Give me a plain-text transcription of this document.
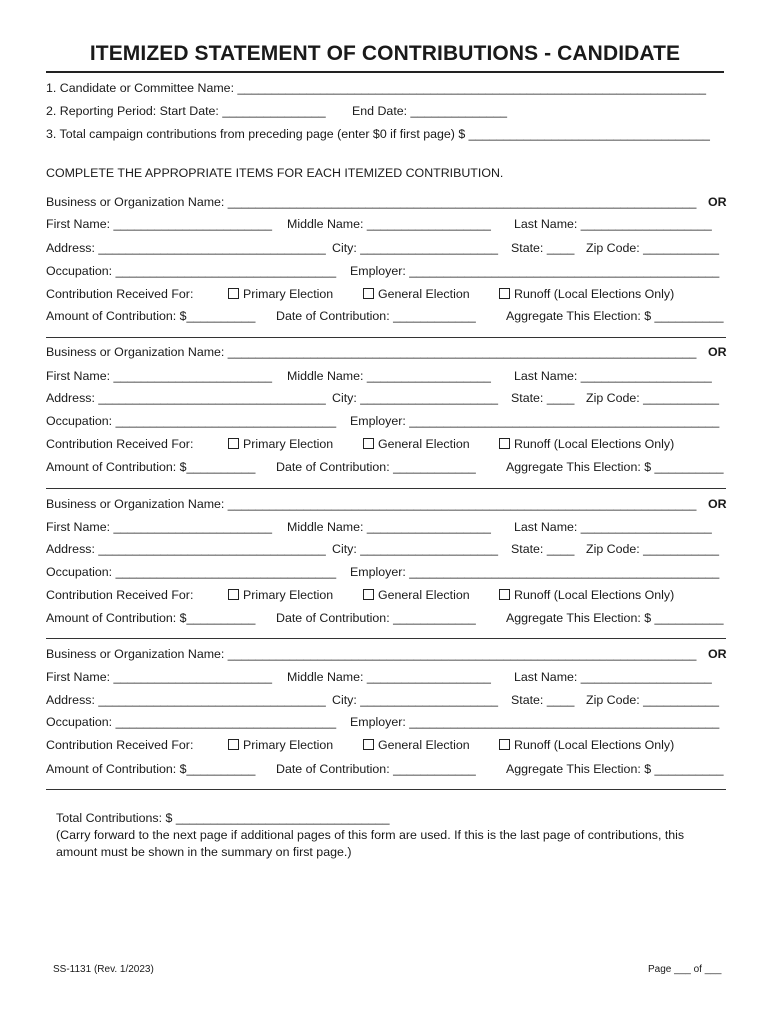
ITEMIZED STATEMENT OF CONTRIBUTIONS - CANDIDATE
1. Candidate or Committee Name: ____________________________________________________________________
2. Reporting Period: Start Date: _______________ End Date: ______________
3. Total campaign contributions from preceding page (enter $0 if first page) $ ___________________________________
COMPLETE THE APPROPRIATE ITEMS FOR EACH ITEMIZED CONTRIBUTION.
Business or Organization Name: ____________________________________________________________________ OR
First Name: _______________________ Middle Name: __________________ Last Name: ___________________
Address: _________________________________ City: ____________________ State: ____ Zip Code: ___________
Occupation: ________________________________ Employer: _____________________________________________
Contribution Received For:	Primary Election	General Election	Runoff (Local Elections Only)
Amount of Contribution: $__________ Date of Contribution: ____________ Aggregate This Election: $ __________
Business or Organization Name: ____________________________________________________________________ OR
First Name: _______________________ Middle Name: __________________ Last Name: ___________________
Address: _________________________________ City: ____________________ State: ____ Zip Code: ___________
Occupation: ________________________________ Employer: _____________________________________________
Contribution Received For:	Primary Election	General Election	Runoff (Local Elections Only)
Amount of Contribution: $__________ Date of Contribution: ____________ Aggregate This Election: $ __________
Business or Organization Name: ____________________________________________________________________ OR
First Name: _______________________ Middle Name: __________________ Last Name: ___________________
Address: _________________________________ City: ____________________ State: ____ Zip Code: ___________
Occupation: ________________________________ Employer: _____________________________________________
Contribution Received For:	Primary Election	General Election	Runoff (Local Elections Only)
Amount of Contribution: $__________ Date of Contribution: ____________ Aggregate This Election: $ __________
Business or Organization Name: ____________________________________________________________________ OR
First Name: _______________________ Middle Name: __________________ Last Name: ___________________
Address: _________________________________ City: ____________________ State: ____ Zip Code: ___________
Occupation: ________________________________ Employer: _____________________________________________
Contribution Received For:	Primary Election	General Election	Runoff (Local Elections Only)
Amount of Contribution: $__________ Date of Contribution: ____________ Aggregate This Election: $ __________
Total Contributions: $ _______________________________
(Carry forward to the next page if additional pages of this form are used. If this is the last page of contributions, this amount must be shown in the summary on first page.)
SS-1131 (Rev. 1/2023)	Page ___ of ___
